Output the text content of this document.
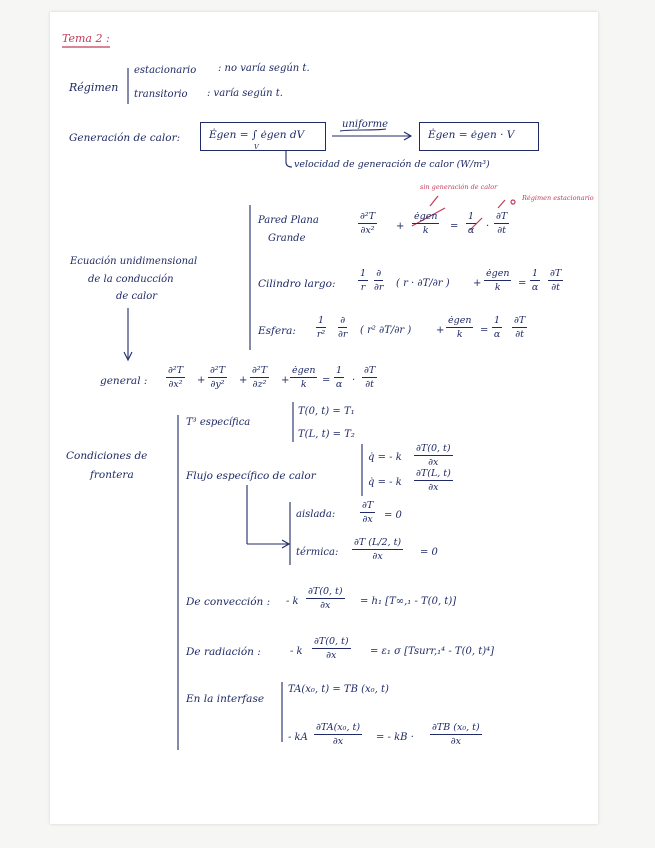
Tema 2 :
Régimen
estacionario : no varía según t.
transitorio : varía según t.
Generación de calor:	Ėgen = ∫ ėgen dV
V
uniforme
Ėgen = ėgen · V
velocidad de generación de calor (W/m³)
Ecuación unidimensional
de la conducción
de calor
sin generación de calor
Régimen estacionario
Pared Plana
Grande
$\frac{\text{∂²T}}{\text{∂x²}}$ +
ėgen
$k = \frac{1}{\alpha} \cdot \frac{\partial T}{\partial t}$
Cilindro largo: $\frac{1}{r}$ ∂
∂r ( r · ∂T/∂r ) +
ėgen
$k = \frac{1}{\alpha} \frac{\partial T}{\partial t}$
Esfera: $\frac{1}{\text{r²}}$ ∂
∂r ( r² ∂T/∂r ) +
ėgen
$k = \frac{1}{\alpha} \frac{\partial T}{\partial t}$
general : $\frac{\text{∂²T}}{\text{∂x²}} + \frac{\text{∂²T}}{\text{∂y²}} + \frac{\text{∂²T}}{\text{∂z²}}$ +
ėgen
$k = \frac{1}{\alpha} \cdot \frac{\partial T}{\partial t}$
Condiciones de
frontera
T³ específica
T(0, t) = T₁
T(L, t) = T₂
Flujo específico de calor
q̇ = - k $\frac{\partial T(0, t)}{\partial x}$
q̇ = - k $\frac{\partial T(L, t)}{\partial x}$
aislada:	$\frac{\partial T}{\partial x} = 0$
térmica: $\frac{\partial T (L/2, t)}{\partial x} = 0$
De convección : - k $\frac{\partial T(0, t)}{\partial x} = h_1$ [T∞,₁ - T(0, t)]
De radiación :	- k $\frac{\partial T(0, t)}{\partial x} = \varepsilon_1$ σ [Tsurr,₁⁴ - T(0, t)⁴]
En la interfase
TA(x₀, t) = TB (x₀, t)
- kA $\frac{\text{∂TA(x₀, t)}}{\partial x}$ = - kB · $\frac{\text{∂TB (x₀, t)}}{\partial x}$
